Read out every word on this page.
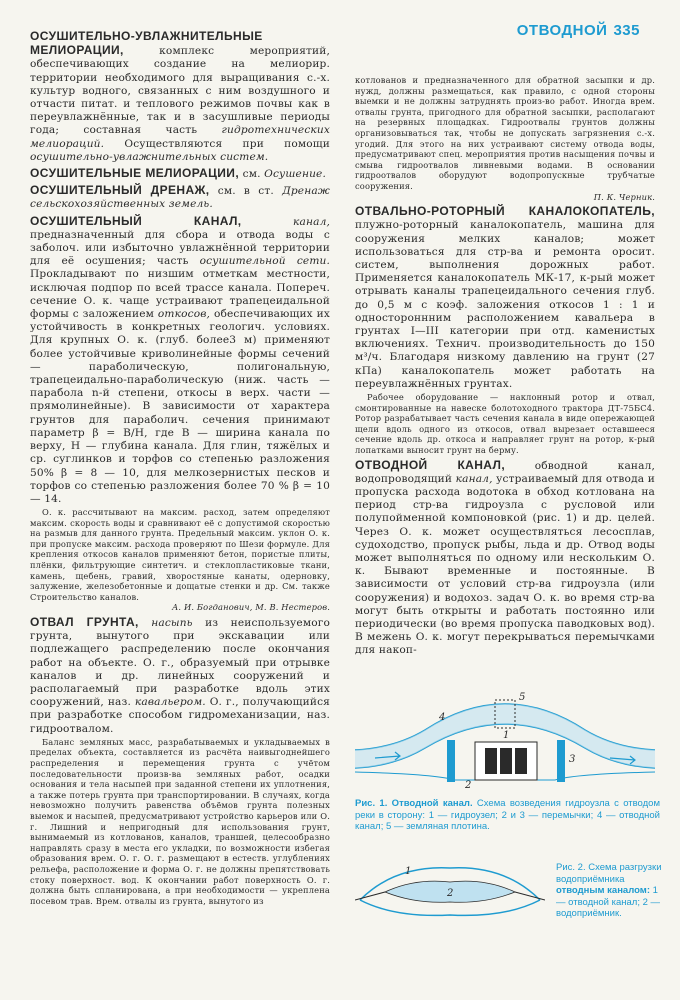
ОТВОДНОЙ 335

ОСУШИТЕЛЬНО-УВЛАЖНИТЕЛЬНЫЕ МЕЛИОРАЦИИ,	комплекс мероприятий, обеспечивающих создание на мелиорир. территории необходимого для выращивания с.-х. культур водного, связанных с ним воздушного и отчасти питат. и теплового режимов почвы как в переувлажнённые, так и в засушливые периоды года; составная часть гидротехнических мелиораций. Осуществляются при помощи осушительно-увлажнительных систем.

ОСУШИТЕЛЬНЫЕ МЕЛИОРАЦИИ, см. Осушение.

ОСУШИТЕЛЬНЫЙ ДРЕНАЖ, см. в ст. Дренаж сельскохозяйственных земель.

ОСУШИТЕЛЬНЫЙ КАНАЛ,	канал, предназначенный для сбора и отвода воды с заболоч. или избыточно увлажнённой территории для её осушения; часть осушительной сети. Прокладывают по низшим отметкам местности, исключая подпор по всей трассе канала. Попереч. сечение О. к. чаще устраивают трапецеидальной формы с заложением откосов, обеспечивающих их устойчивость в конкретных геологич. условиях. Для крупных О. к. (глуб. более3 м) применяют более устойчивые криволинейные формы сечений — параболическую, полигональную, трапецеидально-параболическую (ниж. часть — парабола n-й степени, откосы в верх. части — прямолинейные). В зависимости от характера грунтов для параболич. сечения принимают параметр β = B/H, где B — ширина канала по верху, H — глубина канала. Для глин, тяжёлых и ср. суглинков и торфов со степенью разложения 50% β = 8 — 10, для мелкозернистых песков и торфов со степенью разложения более 70 % β = 10 — 14.

О. к. рассчитывают на максим. расход, затем определяют максим. скорость воды и сравнивают её с допустимой скоростью на размыв для данного грунта. Предельный максим. уклон О. к. при пропуске максим. расхода проверяют по Шези формуле. Для крепления откосов каналов применяют бетон, пористые плиты, плёнки, фильтрующие синтетич. и стеклопластиковые ткани, камень, щебень, гравий, хворостяные канаты, одерновку, залужение, железобетонные и дощатые стенки и др. См. также Строительство каналов.
А. И. Богданович, М. В. Нестеров.

ОТВАЛ ГРУНТА, насыпь из неиспользуемого грунта, вынутого при экскавации или подлежащего распределению после окончания работ на объекте. О. г., образуемый при отрывке каналов и др. линейных сооружений и располагаемый при разработке вдоль этих сооружений, наз. кавальером. О. г., получающийся при разработке способом гидромеханизации, наз. гидроотвалом.

Баланс земляных масс, разрабатываемых и укладываемых в пределах объекта, составляется из расчёта наивыгоднейшего распределения и перемещения грунта с учётом последовательности произв-ва земляных работ, осадки основания и тела насыпей при заданной степени их уплотнения, а также потерь грунта при транспортировании. В случаях, когда невозможно получить равенства объёмов грунта полезных выемок и насыпей, предусматривают устройство карьеров или О. г. Лишний и непригодный для использования грунт, вынимаемый из котлованов, каналов, траншей, целесообразно направлять сразу в места его укладки, по возможности избегая образования врем. О. г. О. г. размещают в естеств. углублениях рельефа, расположение и форма О. г. не должны препятствовать стоку поверхност. вод. К окончании работ поверхность О. г. должна быть спланирована, а при необходимости — укреплена посевом трав. Врем. отвалы из грунта, вынутого из

котлованов и предназначенного для обратной засыпки и др. нужд, должны размещаться, как правило, с одной стороны выемки и не должны затруднять произ-во работ. Иногда врем. отвалы грунта, пригодного для обратной засыпки, располагают на резервных площадках. Гидроотвалы грунтов должны организовываться так, чтобы не допускать загрязнения с.-х. угодий. Для этого на них устраивают систему отвода воды, предусматривают спец. мероприятия против насыщения почвы и смыва гидроотвалов ливневыми водами. В основании гидроотвалов оборудуют водопропускные трубчатые сооружения.
П. К. Черник.

ОТВАЛЬНО-РОТОРНЫЙ КАНАЛОКОПАТЕЛЬ, плужно-роторный каналокопатель, машина для сооружения мелких каналов; может использоваться для стр-ва и ремонта оросит. систем, выполнения дорожных работ. Применяется каналокопатель МК-17, к-рый может отрывать каналы трапецеидального сечения глуб. до 0,5 м с коэф. заложения откосов 1 : 1 и одностороннним расположением кавальера в грунтах I—III категории при отд. каменистых включениях. Технич. производительность до 150 м³/ч. Благодаря низкому давлению на грунт (27 кПа) каналокопатель может работать на переувлажнённых грунтах.

Рабочее оборудование — наклонный ротор и отвал, смонтированные на навеске болотоходного трактора ДТ-75БС4. Ротор разрабатывает часть сечения канала в виде опережающей щели вдоль одного из откосов, отвал вырезает оставшееся сечение вдоль др. откоса и направляет грунт на ротор, к-рый лопатками выносит грунт на берму.

ОТВОДНОЙ КАНАЛ,	обводной канал, водопроводящий канал, устраиваемый для отвода и пропуска расхода водотока в обход котлована на период стр-ва гидроузла с русловой или полупойменной компоновкой (рис. 1) и др. целей. Через О. к. может осуществляться лесосплав, судоходство, пропуск рыбы, льда и др. Отвод воды может выполняться по одному или нескольким О. к. Бывают временные и постоянные. В зависимости от условий стр-ва гидроузла (или сооружения) и водохоз. задач О. к. во время стр-ва могут быть открыты и работать постоянно или периодически (во время пропуска паводковых вод). В межень О. к. могут перекрываться перемычками для накоп-

2
1
3
4
5
Рис. 1. Отводной канал. Схема возведения гидроузла с отводом реки в сторону: 1 — гидроузел; 2 и 3 — перемычки; 4 — отводной канал; 5 — земляная плотина.
1
2
Рис. 2. Схема разгрузки водоприёмника отводным каналом: 1 — отводной канал; 2 — водоприёмник.
